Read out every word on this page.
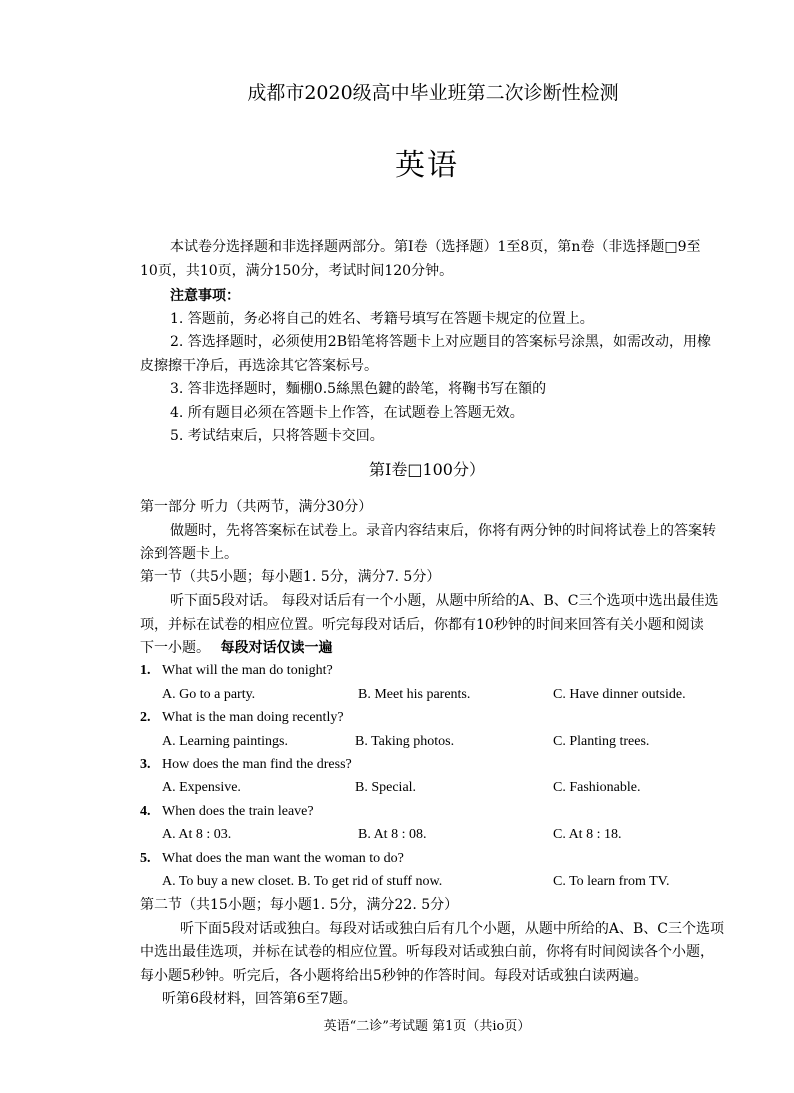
成都市2020级高中毕业班第二次诊断性检测
英语
本试卷分选择题和非选择题两部分。第Ⅰ卷（选择题）1至8页，第n卷（非选择题□9至
10页，共10页，满分150分，考试时间120分钟。
注意事项：
1. 答题前，务必将自己的姓名、考籍号填写在答题卡规定的位置上。
2. 答选择题时，必须使用2B铅笔将答题卡上对应题目的答案标号涂黑，如需改动，用橡
皮擦擦干净后，再选涂其它答案标号。
3. 答非选择题时，麵棚0.5絲黑色鍵的龄笔，将鞠书写在額的
4. 所有题目必须在答题卡上作答，在试题卷上答题无效。
5. 考试结束后，只将答题卡交回。
第Ⅰ卷□100分）
第一部分 听力（共两节，满分30分）
做题时，先将答案标在试卷上。录音内容结束后，你将有两分钟的时间将试卷上的答案转
涂到答题卡上。
第一节（共5小题；每小题1. 5分，满分7. 5分）
听下面5段对话。 每段对话后有一个小题，从题中所给的A、B、C三个选项中选出最佳选
项，并标在试卷的相应位置。听完每段对话后，你都有10秒钟的时间来回答有关小题和阅读
下一小题。 每段对话仅读一遍
1. What will the man do tonight?
A. Go to a party.	B. Meet his parents.	C. Have dinner outside.
2. What is the man doing recently?
A. Learning paintings.	B. Taking photos.	C. Planting trees.
3. How does the man find the dress?
A. Expensive.	B. Special.	C. Fashionable.
4. When does the train leave?
A. At 8 : 03.	B. At 8 : 08.	C. At 8 : 18.
5. What does the man want the woman to do?
A. To buy a new closet. B. To get rid of stuff now.	C. To learn from TV.
第二节（共15小题；每小题1. 5分，满分22. 5分）
听下面5段对话或独白。每段对话或独白后有几个小题，从题中所给的A、B、C三个选项
中选出最佳选项，并标在试卷的相应位置。听每段对话或独白前，你将有时间阅读各个小题，
每小题5秒钟。听完后，各小题将给出5秒钟的作答时间。每段对话或独白读两遍。
听第6段材料，回答第6至7题。
英语“二诊”考试题 第1页（共io页）
